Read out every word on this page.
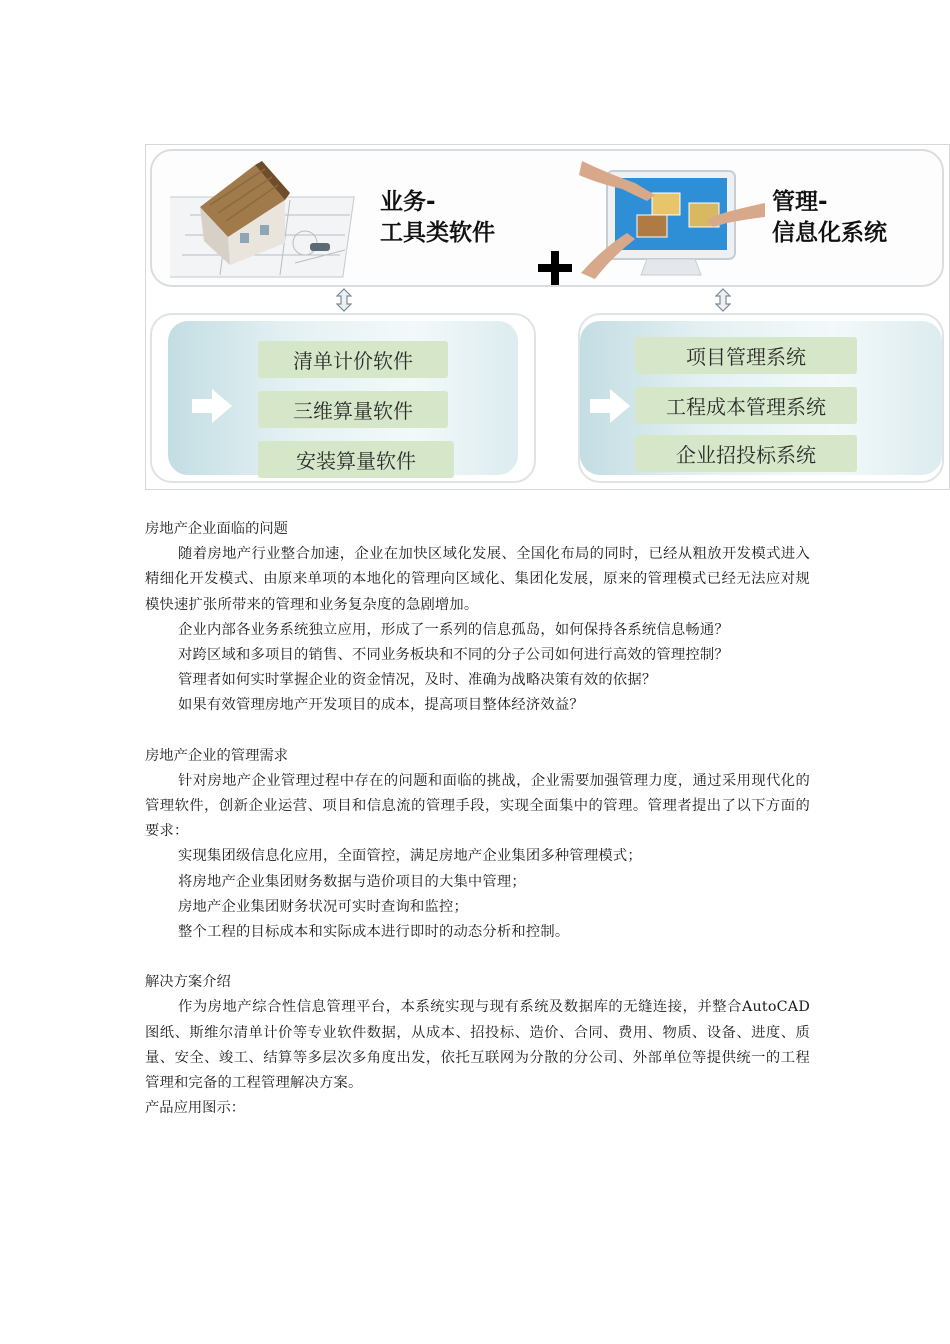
业务-
工具类软件
管理-
信息化系统
清单计价软件
三维算量软件
安装算量软件
项目管理系统
工程成本管理系统
企业招投标系统

房地产企业面临的问题

随着房地产行业整合加速，企业在加快区域化发展、全国化布局的同时，已经从粗放开发模式进入精细化开发模式、由原来单项的本地化的管理向区域化、集团化发展，原来的管理模式已经无法应对规模快速扩张所带来的管理和业务复杂度的急剧增加。

企业内部各业务系统独立应用，形成了一系列的信息孤岛，如何保持各系统信息畅通？

对跨区域和多项目的销售、不同业务板块和不同的分子公司如何进行高效的管理控制？

管理者如何实时掌握企业的资金情况，及时、准确为战略决策有效的依据？

如果有效管理房地产开发项目的成本，提高项目整体经济效益？

房地产企业的管理需求

针对房地产企业管理过程中存在的问题和面临的挑战，企业需要加强管理力度，通过采用现代化的管理软件，创新企业运营、项目和信息流的管理手段，实现全面集中的管理。管理者提出了以下方面的要求：

实现集团级信息化应用，全面管控，满足房地产企业集团多种管理模式；

将房地产企业集团财务数据与造价项目的大集中管理；

房地产企业集团财务状况可实时查询和监控；

整个工程的目标成本和实际成本进行即时的动态分析和控制。

解决方案介绍

作为房地产综合性信息管理平台，本系统实现与现有系统及数据库的无缝连接，并整合AutoCAD图纸、斯维尔清单计价等专业软件数据，从成本、招投标、造价、合同、费用、物质、设备、进度、质量、安全、竣工、结算等多层次多角度出发，依托互联网为分散的分公司、外部单位等提供统一的工程管理和完备的工程管理解决方案。

产品应用图示：
